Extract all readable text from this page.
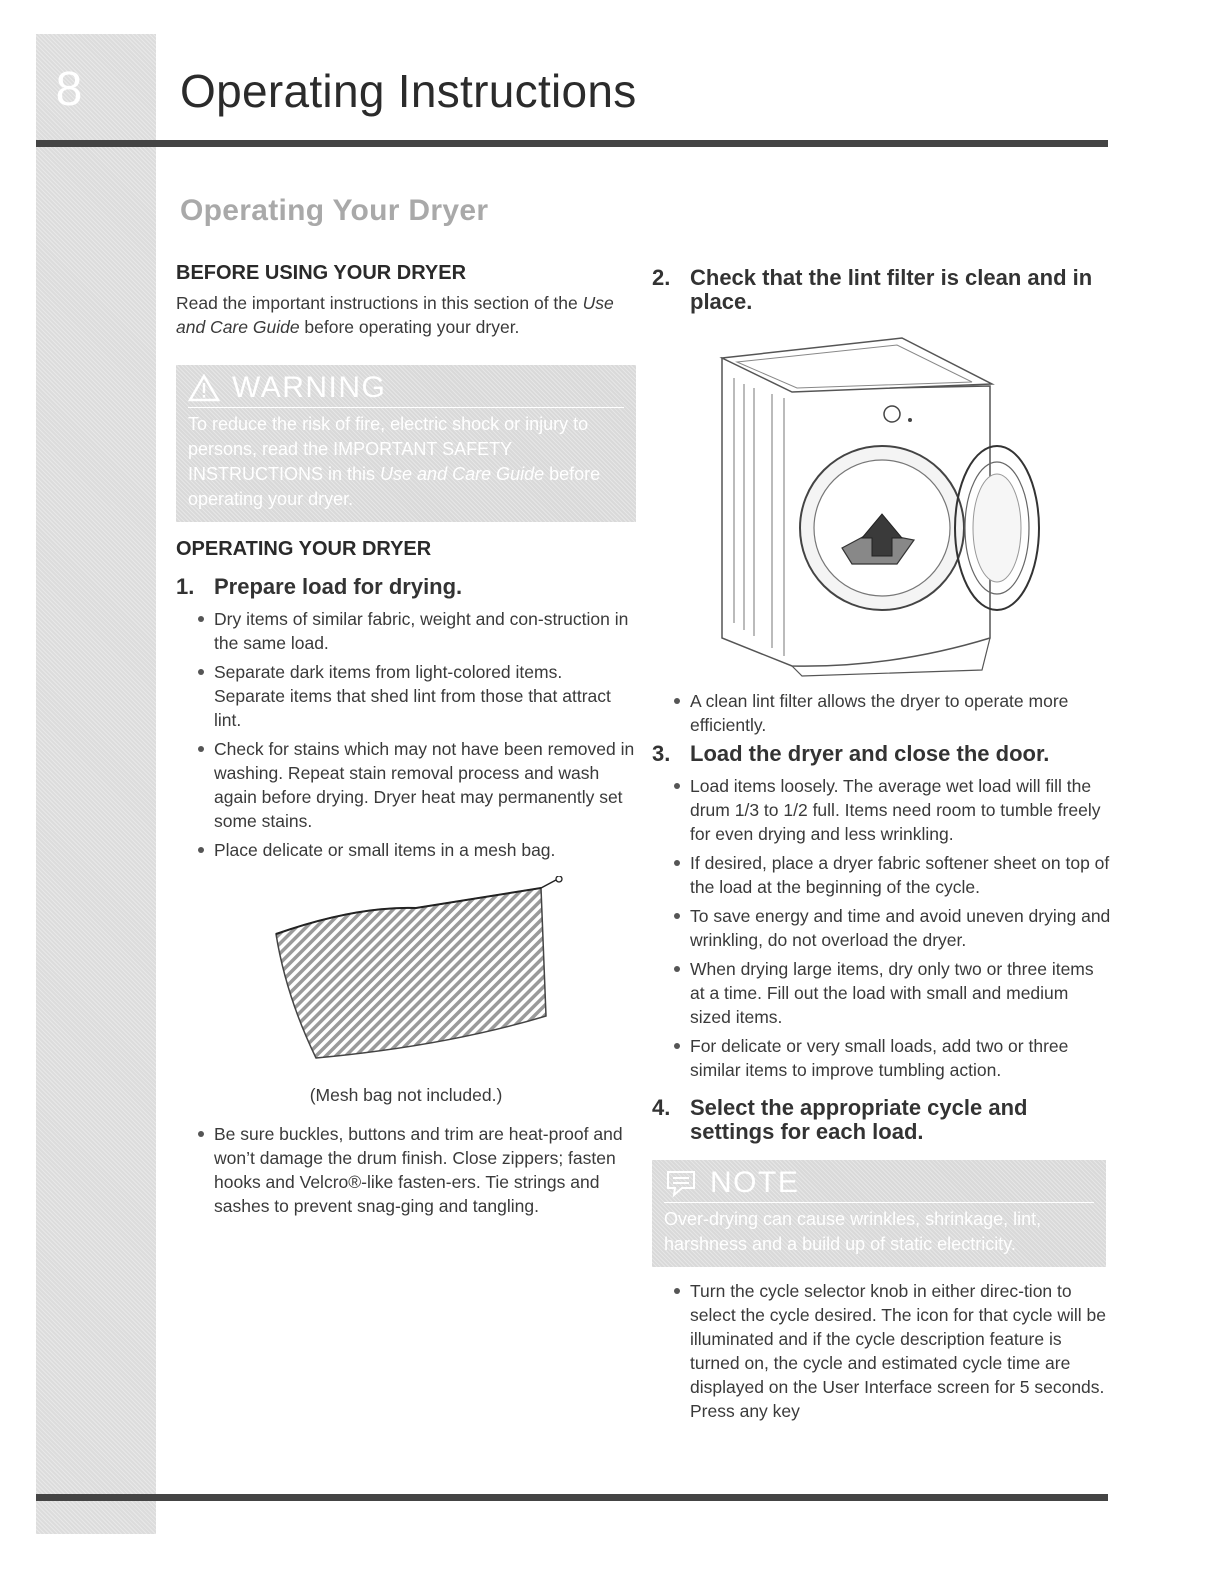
8 Operating Instructions
Operating Your Dryer
BEFORE USING YOUR DRYER

Read the important instructions in this section of the Use and Care Guide before operating your dryer.

WARNING
To reduce the risk of fire, electric shock or injury to persons, read the IMPORTANT SAFETY INSTRUCTIONS in this Use and Care Guide before operating your dryer.
OPERATING YOUR DRYER
1. Prepare load for drying.
Dry items of similar fabric, weight and con-struction in the same load.
Separate dark items from light-colored items. Separate items that shed lint from those that attract lint.
Check for stains which may not have been removed in washing. Repeat stain removal process and wash again before drying. Dryer heat may permanently set some stains.
Place delicate or small items in a mesh bag.
(Mesh bag not included.)
Be sure buckles, buttons and trim are heat-proof and won’t damage the drum finish. Close zippers; fasten hooks and Velcro®-like fasten-ers. Tie strings and sashes to prevent snag-ging and tangling.
2. Check that the lint filter is clean and in place.
A clean lint filter allows the dryer to operate more efficiently.
3. Load the dryer and close the door.
Load items loosely. The average wet load will fill the drum 1/3 to 1/2 full. Items need room to tumble freely for even drying and less wrinkling.
If desired, place a dryer fabric softener sheet on top of the load at the beginning of the cycle.
To save energy and time and avoid uneven drying and wrinkling, do not overload the dryer.
When drying large items, dry only two or three items at a time. Fill out the load with small and medium sized items.
For delicate or very small loads, add two or three similar items to improve tumbling action.
4. Select the appropriate cycle and settings for each load.
NOTE
Over-drying can cause wrinkles, shrinkage, lint, harshness and a build up of static electricity.
Turn the cycle selector knob in either direc-tion to select the cycle desired. The icon for that cycle will be illuminated and if the cycle description feature is turned on, the cycle and estimated cycle time are displayed on the User Interface screen for 5 seconds. Press any key
